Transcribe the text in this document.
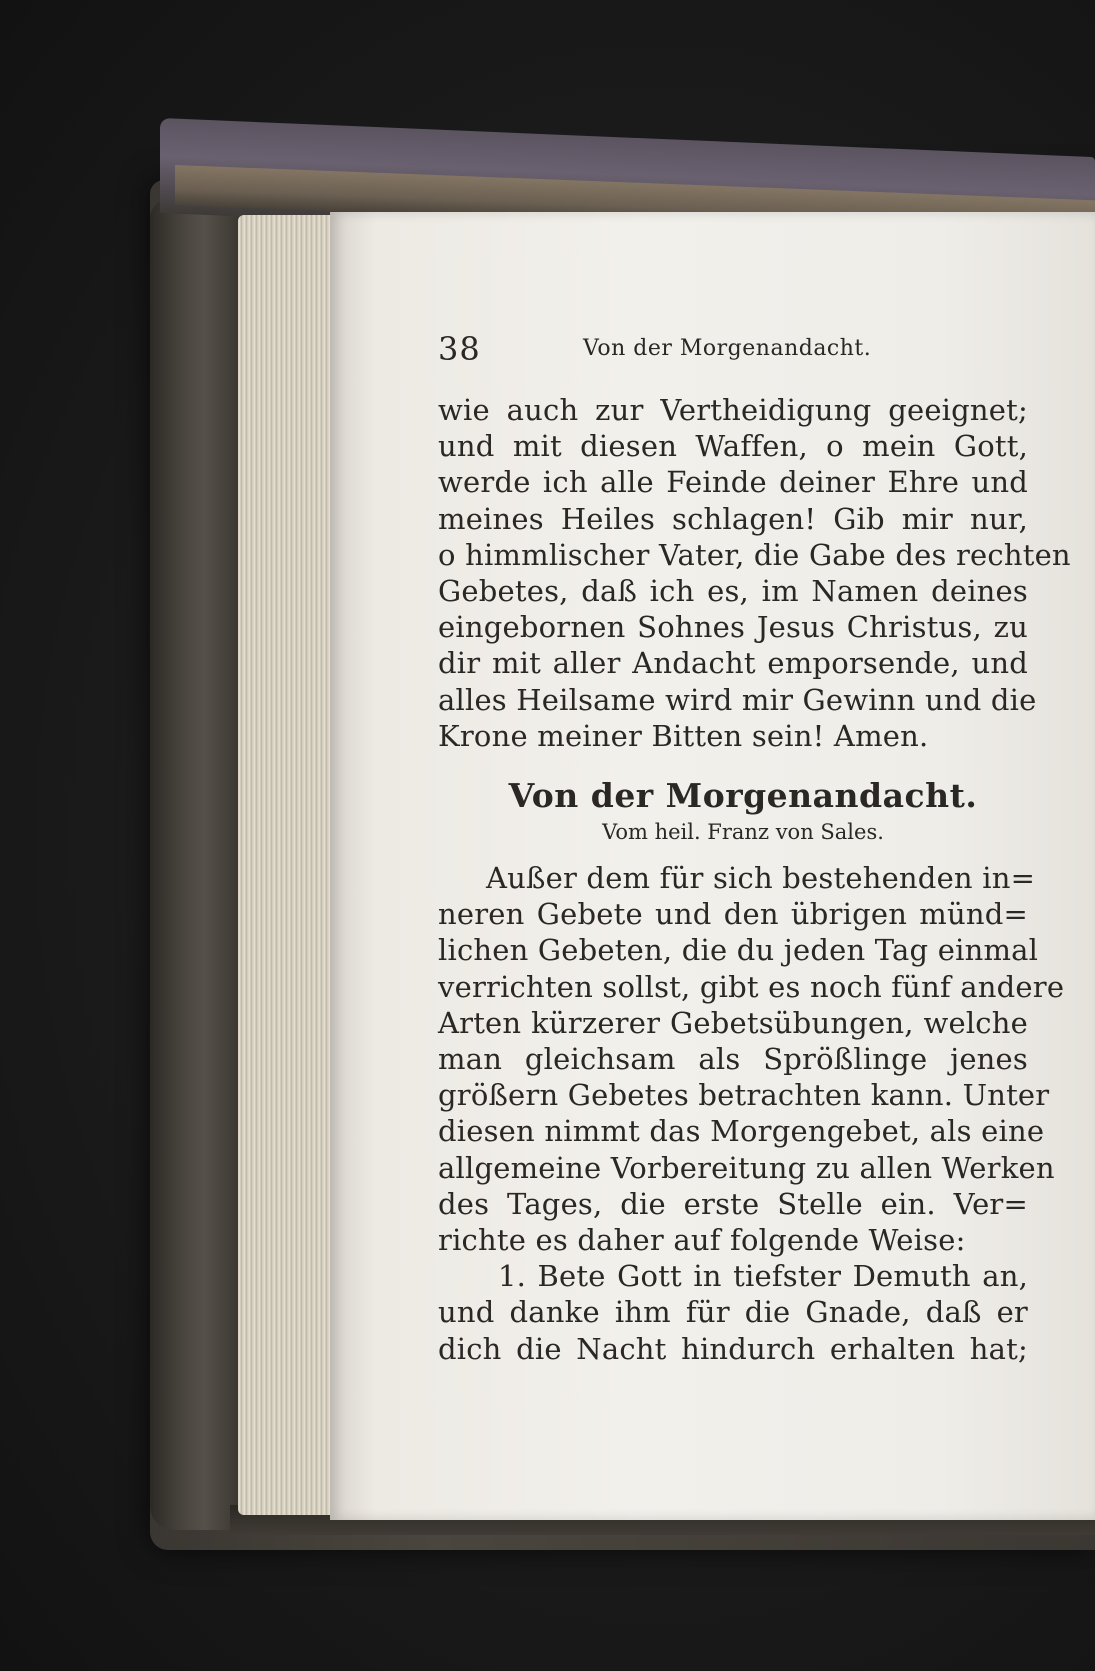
38	Von der Morgenandacht.
wie auch zur Vertheidigung geeignet;
und mit diesen Waffen, o mein Gott,
werde ich alle Feinde deiner Ehre und
meines Heiles schlagen! Gib mir nur,
o himmlischer Vater, die Gabe des rechten
Gebetes, daß ich es, im Namen deines
eingebornen Sohnes Jesus Christus, zu
dir mit aller Andacht emporsende, und
alles Heilsame wird mir Gewinn und die
Krone meiner Bitten sein! Amen.
Von der Morgenandacht.
Vom heil. Franz von Sales.
Außer dem für sich bestehenden in=
neren Gebete und den übrigen münd=
lichen Gebeten, die du jeden Tag einmal
verrichten sollst, gibt es noch fünf andere
Arten kürzerer Gebetsübungen, welche
man gleichsam als Sprößlinge jenes
größern Gebetes betrachten kann. Unter
diesen nimmt das Morgengebet, als eine
allgemeine Vorbereitung zu allen Werken
des Tages, die erste Stelle ein. Ver=
richte es daher auf folgende Weise:
1. Bete Gott in tiefster Demuth an,
und danke ihm für die Gnade, daß er
dich die Nacht hindurch erhalten hat;
